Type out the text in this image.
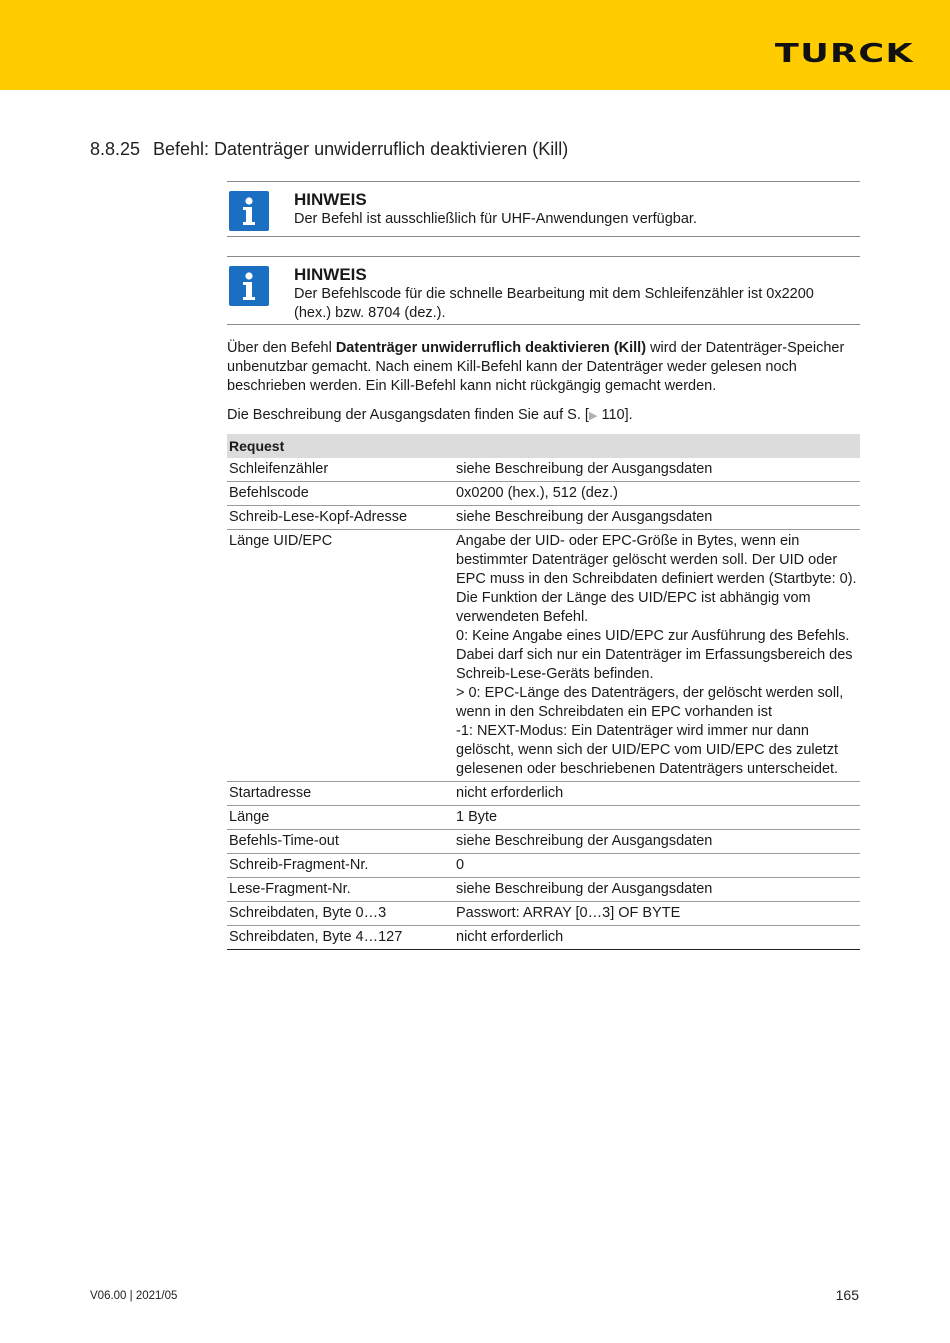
TURCK
8.8.25 Befehl: Datenträger unwiderruflich deaktivieren (Kill)
HINWEIS
Der Befehl ist ausschließlich für UHF-Anwendungen verfügbar.
HINWEIS
Der Befehlscode für die schnelle Bearbeitung mit dem Schleifenzähler ist 0x2200 (hex.) bzw. 8704 (dez.).
Über den Befehl Datenträger unwiderruflich deaktivieren (Kill) wird der Datenträger-Speicher unbenutzbar gemacht. Nach einem Kill-Befehl kann der Datenträger weder gelesen noch beschrieben werden. Ein Kill-Befehl kann nicht rückgängig gemacht werden.
Die Beschreibung der Ausgangsdaten finden Sie auf S. [▶ 110].
Request	
Schleifenzähler	siehe Beschreibung der Ausgangsdaten
Befehlscode	0x0200 (hex.), 512 (dez.)
Schreib-Lese-Kopf-Adresse	siehe Beschreibung der Ausgangsdaten
Länge UID/EPC	Angabe der UID- oder EPC-Größe in Bytes, wenn ein bestimmter Datenträger gelöscht werden soll. Der UID oder EPC muss in den Schreibdaten definiert werden (Startbyte: 0). Die Funktion der Länge des UID/EPC ist abhängig vom verwendeten Befehl.
0: Keine Angabe eines UID/EPC zur Ausführung des Befehls. Dabei darf sich nur ein Datenträger im Erfassungsbereich des Schreib-Lese-Geräts befinden.
> 0: EPC-Länge des Datenträgers, der gelöscht werden soll, wenn in den Schreibdaten ein EPC vorhanden ist
-1: NEXT-Modus: Ein Datenträger wird immer nur dann gelöscht, wenn sich der UID/EPC vom UID/EPC des zuletzt gelesenen oder beschriebenen Datenträgers unterscheidet.

Startadresse	nicht erforderlich
Länge	1 Byte
Befehls-Time-out	siehe Beschreibung der Ausgangsdaten
Schreib-Fragment-Nr.	0
Lese-Fragment-Nr.	siehe Beschreibung der Ausgangsdaten
Schreibdaten, Byte 0…3	Passwort: ARRAY [0…3] OF BYTE
Schreibdaten, Byte 4…127	nicht erforderlich
V06.00 | 2021/05	165
